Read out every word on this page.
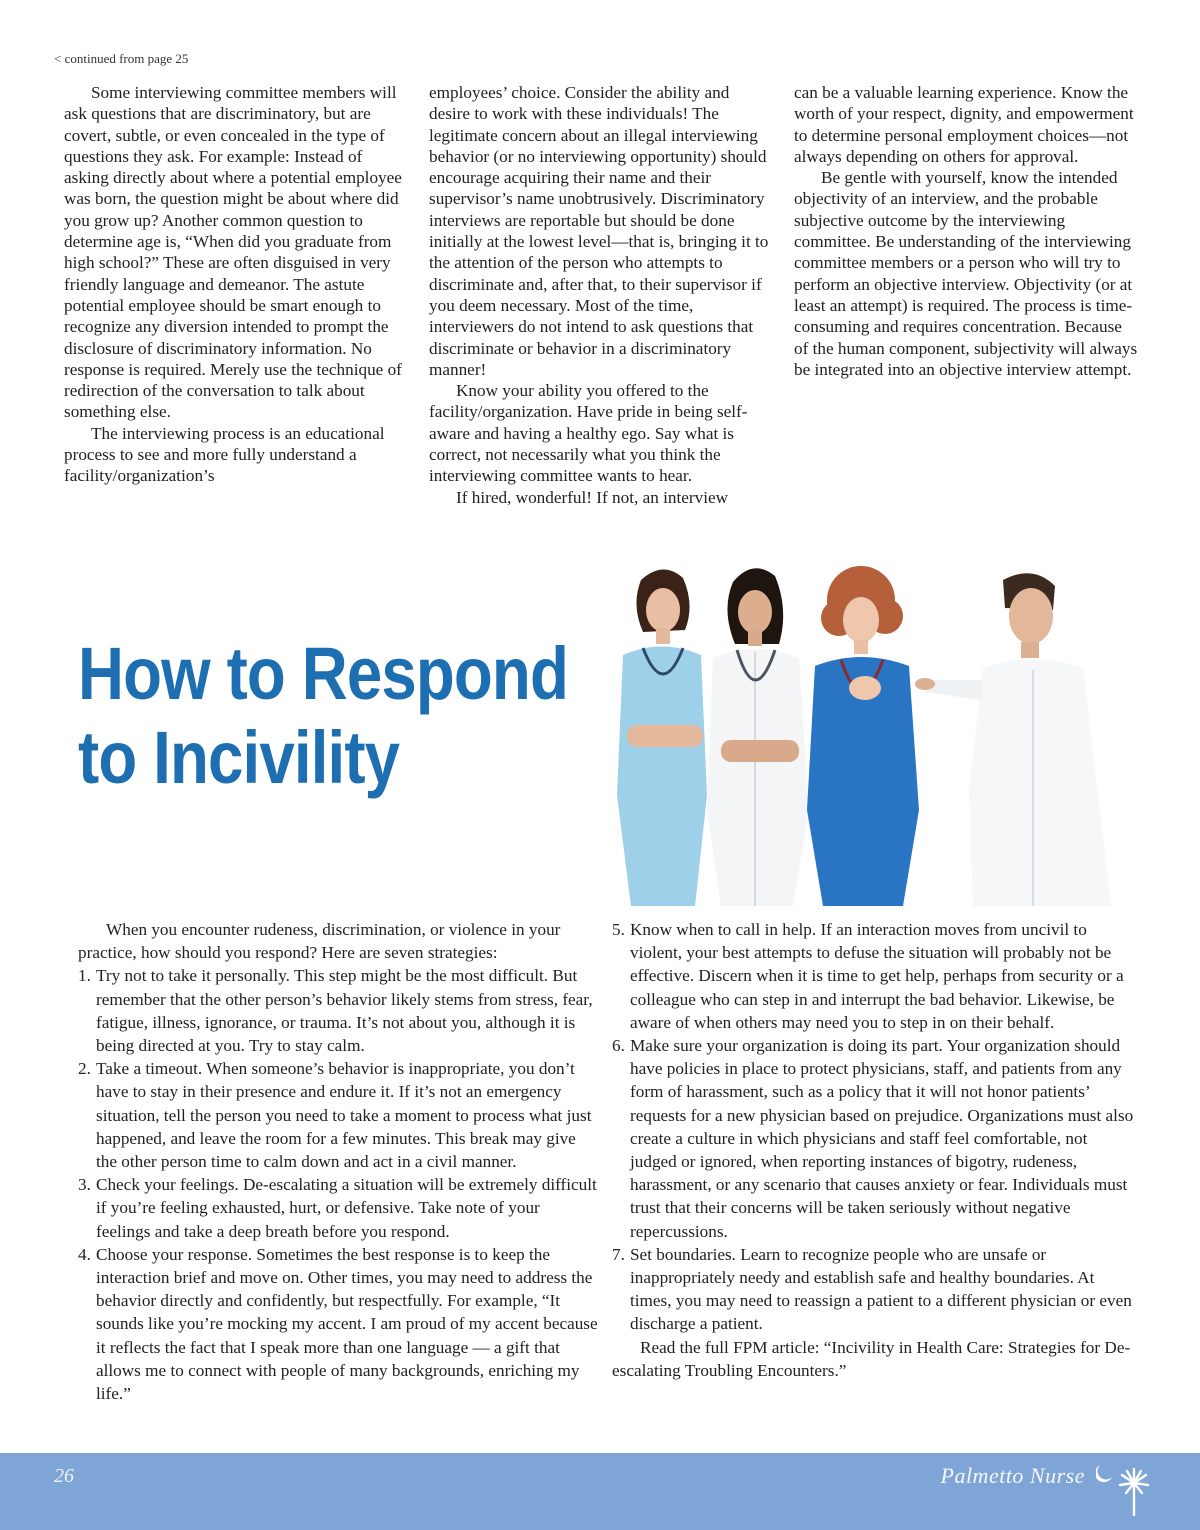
< continued from page 25

Some interviewing committee members will ask questions that are discriminatory, but are covert, subtle, or even concealed in the type of questions they ask. For example: Instead of asking directly about where a potential employee was born, the question might be about where did you grow up? Another common question to determine age is, “When did you graduate from high school?” These are often disguised in very friendly language and demeanor. The astute potential employee should be smart enough to recognize any diversion intended to prompt the disclosure of discriminatory information. No response is required. Merely use the technique of redirection of the conversation to talk about something else.

The interviewing process is an educational process to see and more fully understand a facility/organization’s

employees’ choice. Consider the ability and desire to work with these individuals! The legitimate concern about an illegal interviewing behavior (or no interviewing opportunity) should encourage acquiring their name and their supervisor’s name unobtrusively. Discriminatory interviews are reportable but should be done initially at the lowest level—that is, bringing it to the attention of the person who attempts to discriminate and, after that, to their supervisor if you deem necessary. Most of the time, interviewers do not intend to ask questions that discriminate or behavior in a discriminatory manner!

Know your ability you offered to the facility/organization. Have pride in being self-aware and having a healthy ego. Say what is correct, not necessarily what you think the interviewing committee wants to hear.

If hired, wonderful! If not, an interview

can be a valuable learning experience. Know the worth of your respect, dignity, and empowerment to determine personal employment choices—not always depending on others for approval.

Be gentle with yourself, know the intended objectivity of an interview, and the probable subjective outcome by the interviewing committee. Be understanding of the interviewing committee members or a person who will try to perform an objective interview. Objectivity (or at least an attempt) is required. The process is time-consuming and requires concentration. Because of the human component, subjectivity will always be integrated into an objective interview attempt.

How to Respond
to Incivility

When you encounter rudeness, discrimination, or violence in your practice, how should you respond? Here are seven strategies:

1. Try not to take it personally. This step might be the most difficult. But remember that the other person’s behavior likely stems from stress, fear, fatigue, illness, ignorance, or trauma. It’s not about you, although it is being directed at you. Try to stay calm.
2. Take a timeout. When someone’s behavior is inappropriate, you don’t have to stay in their presence and endure it. If it’s not an emergency situation, tell the person you need to take a moment to process what just happened, and leave the room for a few minutes. This break may give the other person time to calm down and act in a civil manner.
3. Check your feelings. De-escalating a situation will be extremely difficult if you’re feeling exhausted, hurt, or defensive. Take note of your feelings and take a deep breath before you respond.
4. Choose your response. Sometimes the best response is to keep the interaction brief and move on. Other times, you may need to address the behavior directly and confidently, but respectfully. For example, “It sounds like you’re mocking my accent. I am proud of my accent because it reflects the fact that I speak more than one language — a gift that allows me to connect with people of many backgrounds, enriching my life.”
5. Know when to call in help. If an interaction moves from uncivil to violent, your best attempts to defuse the situation will probably not be effective. Discern when it is time to get help, perhaps from security or a colleague who can step in and interrupt the bad behavior. Likewise, be aware of when others may need you to step in on their behalf.
6. Make sure your organization is doing its part. Your organization should have policies in place to protect physicians, staff, and patients from any form of harassment, such as a policy that it will not honor patients’ requests for a new physician based on prejudice. Organizations must also create a culture in which physicians and staff feel comfortable, not judged or ignored, when reporting instances of bigotry, rudeness, harassment, or any scenario that causes anxiety or fear. Individuals must trust that their concerns will be taken seriously without negative repercussions.
7. Set boundaries. Learn to recognize people who are unsafe or inappropriately needy and establish safe and healthy boundaries. At times, you may need to reassign a patient to a different physician or even discharge a patient.

Read the full FPM article: “Incivility in Health Care: Strategies for De-escalating Troubling Encounters.”

26	Palmetto Nurse
